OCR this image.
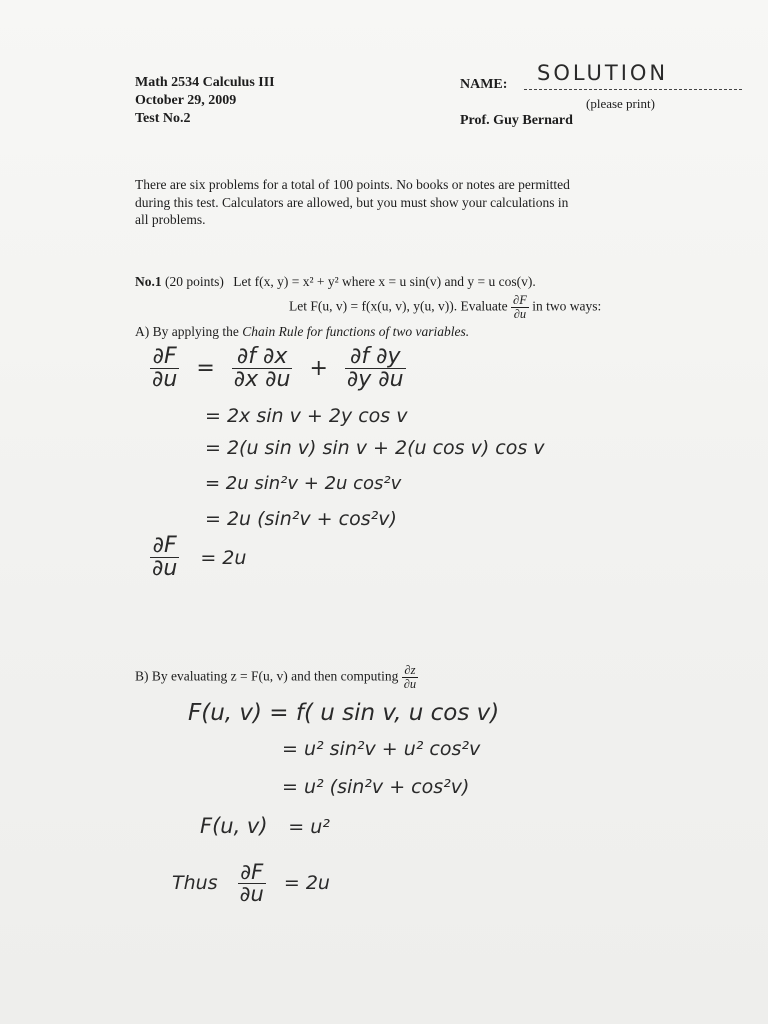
Math 2534 Calculus III
October 29, 2009
Test No.2
NAME: SOLUTION
(please print)
Prof. Guy Bernard
There are six problems for a total of 100 points. No books or notes are permitted
during this test. Calculators are allowed, but you must show your calculations in
all problems.
No.1 (20 points) Let f(x, y) = x² + y² where x = u sin(v) and y = u cos(v).
Let F(u, v) = f(x(u, v), y(u, v)). Evaluate $\frac{\partial F}{\partial u}$ in two ways:
A) By applying the Chain Rule for functions of two variables.
$\frac{\partial F}{\partial u} = \frac{\partial f \partial x}{\partial x \partial u} + \frac{\partial f \partial y}{\partial y \partial u}$
= 2x sin v + 2y cos v
= 2(u sin v) sin v + 2(u cos v) cos v
= 2u sin²v + 2u cos²v
= 2u (sin²v + cos²v)
$\frac{\partial F}{\partial u} = 2u$
B) By evaluating z = F(u, v) and then computing $\frac{\partial z}{\partial u}$
F(u, v) = f( u sin v, u cos v)
= u² sin²v + u² cos²v
= u² (sin²v + cos²v)
F(u, v) = u²
Thus $\frac{\partial F}{\partial u} = 2u$
